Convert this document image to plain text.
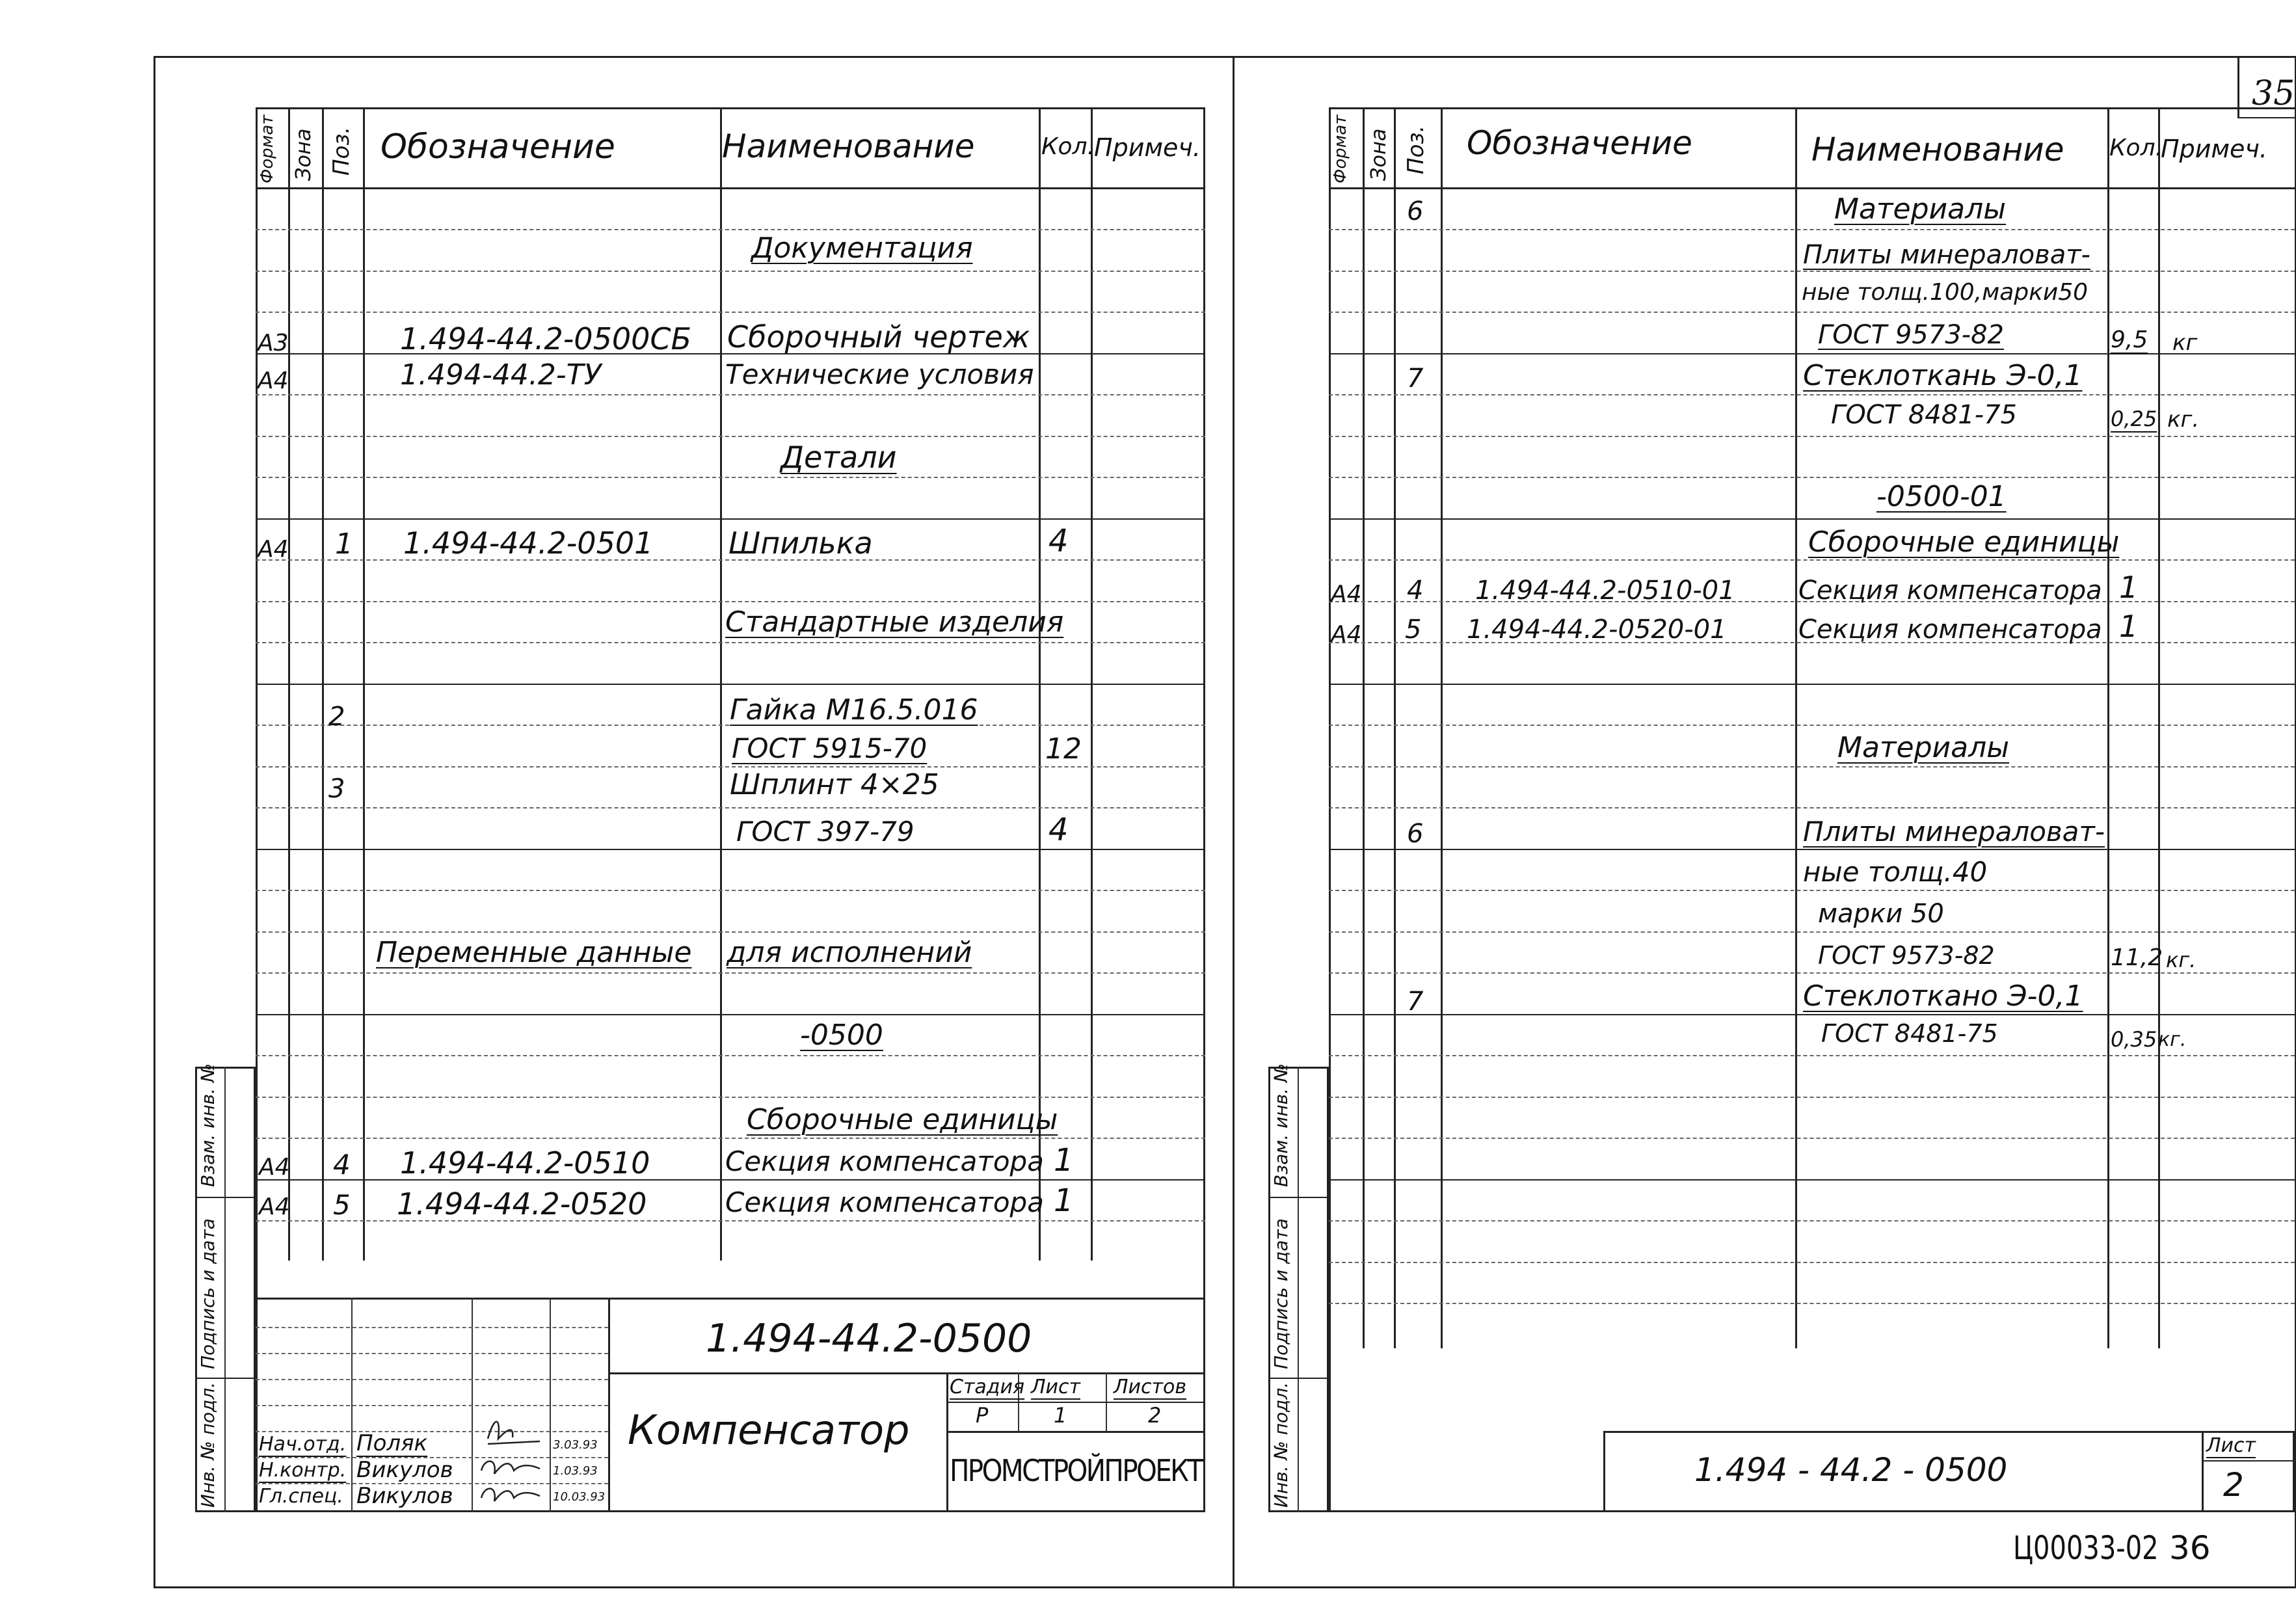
35
Формат Зона Поз. Обозначение	Наименование	Кол.
Примеч.
Документация
А3	1.494-44.2-0500СБ Сборочный чертеж
А4	1.494-44.2-ТУ	Технические условия
Детали
А4 1 1.494-44.2-0501	Шпилька	4
Стандартные изделия
2	Гайка М16.5.016
ГОСТ 5915-70	12
3	Шплинт 4×25
ГОСТ 397-79	4
Переменные данные для исполнений
-0500
Сборочные единицы
А4 4 1.494-44.2-0510	Секция компенсатора 1
А4 5 1.494-44.2-0520	Секция компенсатора 1
Взам. инв. №
Подпись и дата
Инв. № подл.
1.494-44.2-0500
Компенсатор
Стадия Лист Листов
Р	1	2
ПРОМСТРОЙПРОЕКТ
Нач.отд. Поляк	3.03.93
Н.контр. Викулов	1.03.93
Гл.спец. Викулов	10.03.93
Формат Зона Поз. Обозначение	Наименование Кол.
Примеч.
6	Материалы
Плиты минераловат-
ные толщ.100,марки50
ГОСТ 9573-82	9,5 кг
7	Стеклоткань Э-0,1
ГОСТ 8481-75	0,25 кг.
-0500-01
Сборочные единицы
А4 4 1.494-44.2-0510-01 Секция компенсатора 1
А4 5 1.494-44.2-0520-01	Секция компенсатора 1
Материалы
6	Плиты минераловат-
ные толщ.40
марки 50
ГОСТ 9573-82	11,2 кг.
7	Стеклоткано Э-0,1
ГОСТ 8481-75	0,35 кг.
Взам. инв. №
Подпись и дата
Инв. № подл.	1.494 - 44.2 - 0500
Лист
2
Ц00033-02 36
